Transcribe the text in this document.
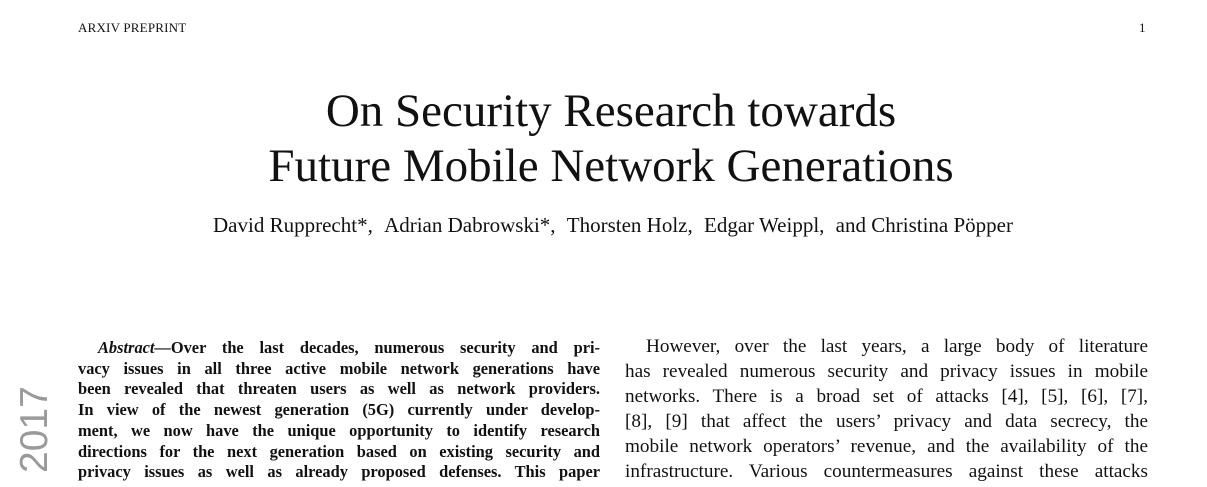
ARXIV PREPRINT	1
2017
On Security Research towards
Future Mobile Network Generations
David Rupprecht*, Adrian Dabrowski*, Thorsten Holz, Edgar Weippl, and Christina Pöpper
Abstract—Over the last decades, numerous security and pri-
vacy issues in all three active mobile network generations have
been revealed that threaten users as well as network providers.
In view of the newest generation (5G) currently under develop-
ment, we now have the unique opportunity to identify research
directions for the next generation based on existing security and
privacy issues as well as already proposed defenses. This paper
However, over the last years, a large body of literature
has revealed numerous security and privacy issues in mobile
networks. There is a broad set of attacks [4], [5], [6], [7],
[8], [9] that affect the users’ privacy and data secrecy, the
mobile network operators’ revenue, and the availability of the
infrastructure. Various countermeasures against these attacks
